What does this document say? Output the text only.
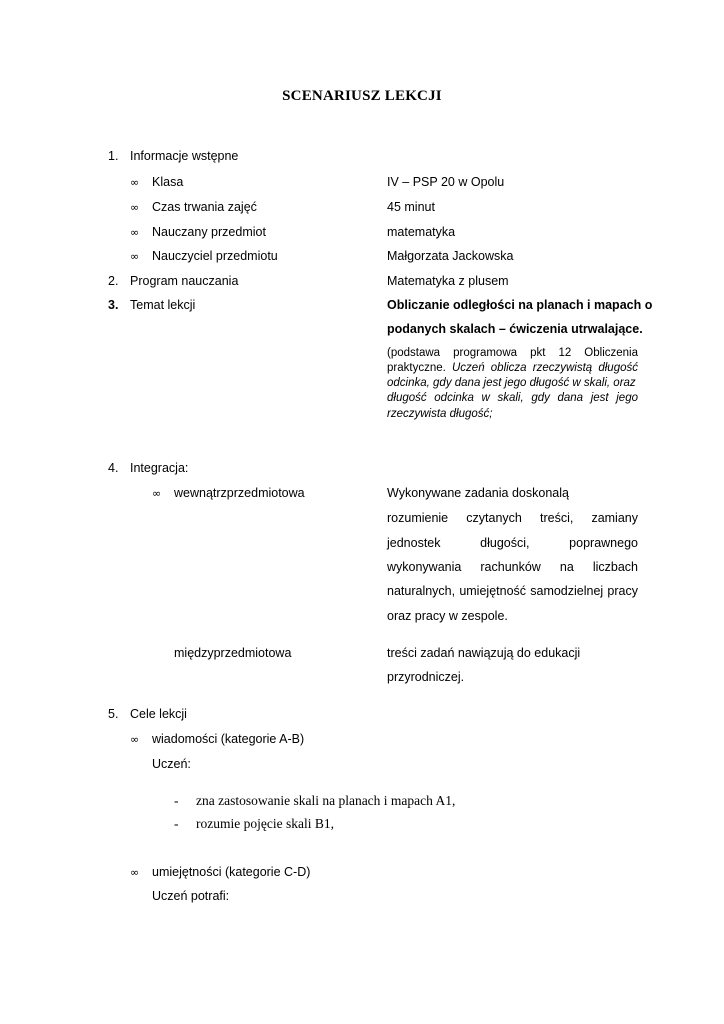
SCENARIUSZ LEKCJI
1. Informacje wstępne
∞ Klasa	IV – PSP 20 w Opolu
∞ Czas trwania zajęć	45 minut
∞ Nauczany przedmiot	matematyka
∞ Nauczyciel przedmiotu	Małgorzata Jackowska
2. Program nauczania	Matematyka z plusem
3. Temat lekcji	Obliczanie odległości na planach i mapach o
podanych skalach – ćwiczenia utrwalające.
(podstawa programowa pkt 12 Obliczenia
praktyczne. Uczeń oblicza rzeczywistą długość
odcinka, gdy dana jest jego długość w skali, oraz
długość odcinka w skali, gdy dana jest jego
rzeczywista długość;
4. Integracja:
∞ wewnątrzprzedmiotowa	Wykonywane zadania doskonalą
rozumienie czytanych treści, zamiany
jednostek długości, poprawnego
wykonywania rachunków na liczbach
naturalnych, umiejętność samodzielnej pracy
oraz pracy w zespole.
międzyprzedmiotowa	treści zadań nawiązują do edukacji
przyrodniczej.
5. Cele lekcji
∞ wiadomości (kategorie A-B)
Uczeń:
- zna zastosowanie skali na planach i mapach A1,
- rozumie pojęcie skali B1,
∞ umiejętności (kategorie C-D)
Uczeń potrafi:
